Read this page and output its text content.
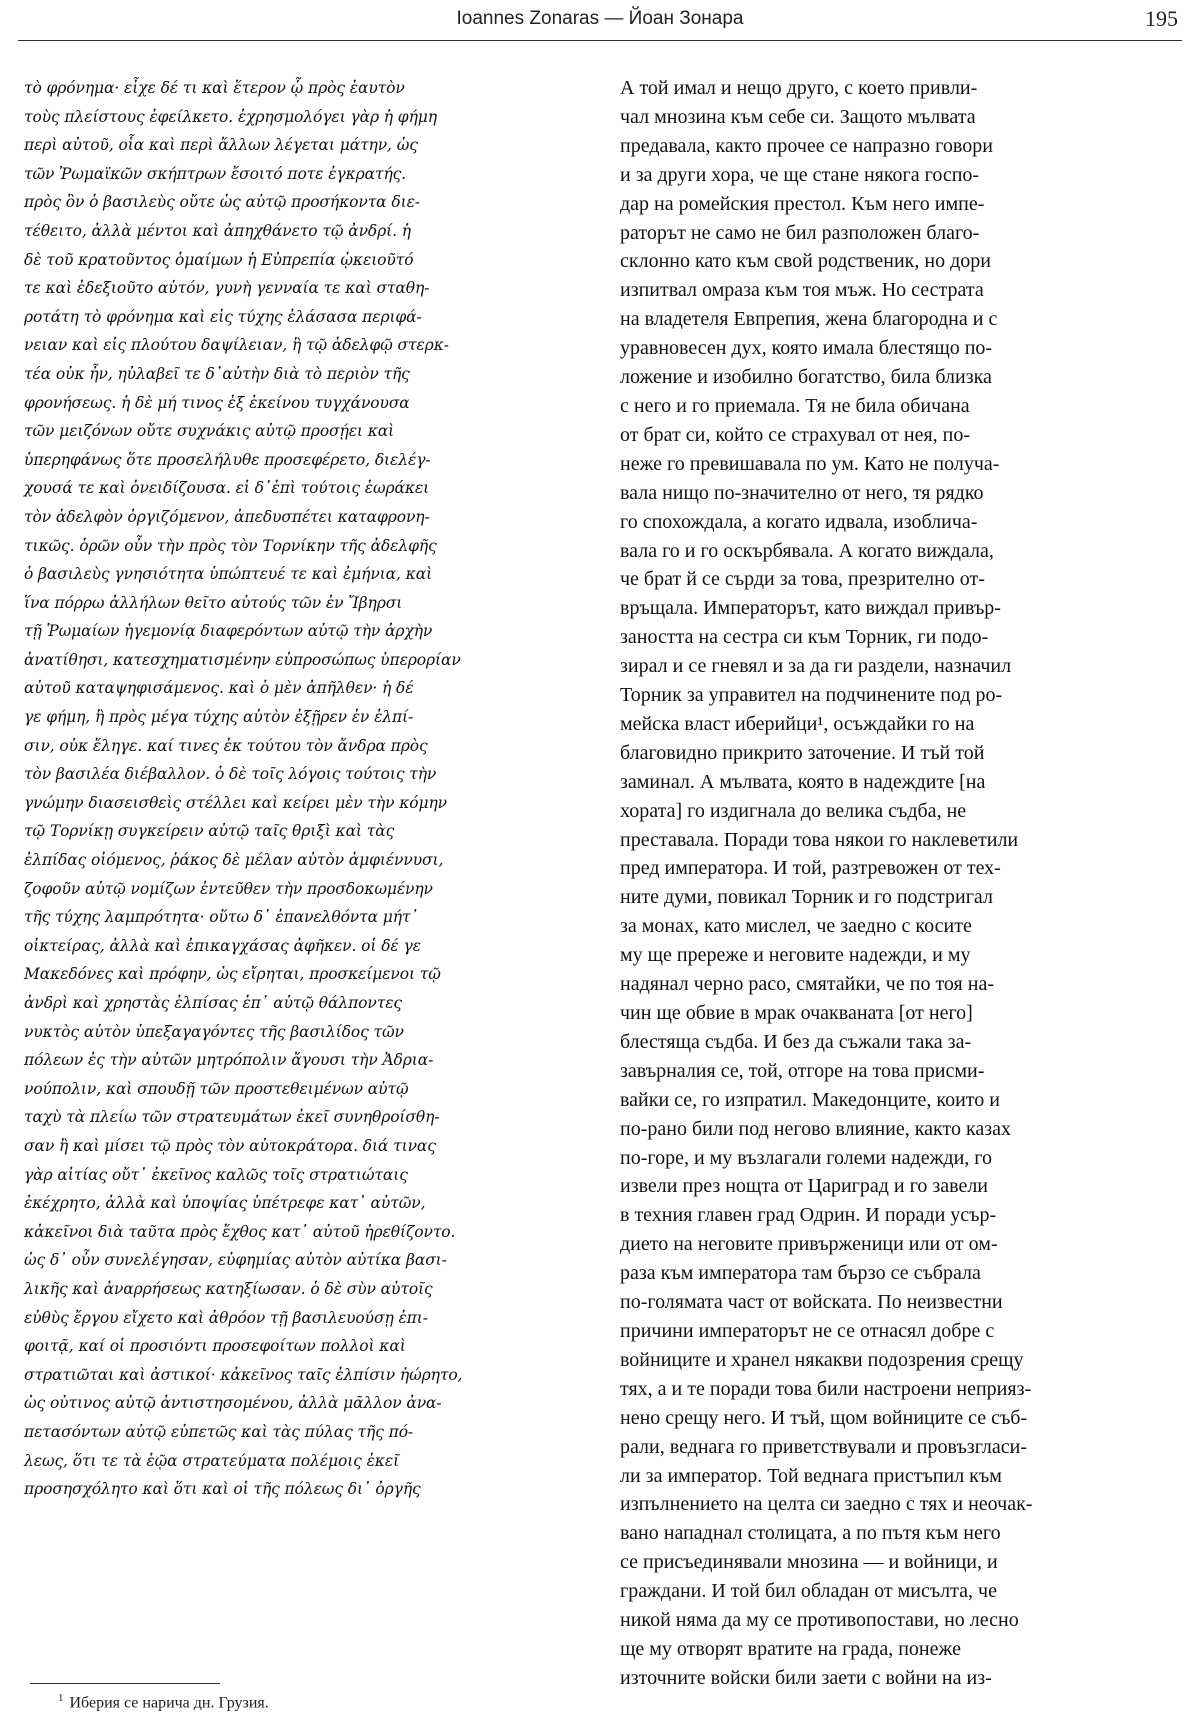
Ioannes Zonaras — Йоан Зонара	195
τὸ φρόνημα· εἶχε δέ τι καὶ ἕτερον ᾧ πρὸς ἑαυτὸν
τοὺς πλείστους ἐφείλκετο. ἐχρησμολόγει γὰρ ἡ φήμη
περὶ αὐτοῦ, οἷα καὶ περὶ ἄλλων λέγεται μάτην, ὡς
τῶν Ῥωμαϊκῶν σκήπτρων ἔσοιτό ποτε ἐγκρατής.
πρὸς ὃν ὁ βασιλεὺς οὔτε ὡς αὐτῷ προσήκοντα διε-
τέθειτο, ἀλλὰ μέντοι καὶ ἀπηχθάνετο τῷ ἀνδρί. ἡ
δὲ τοῦ κρατοῦντος ὁμαίμων ἡ Εὐπρεπία ᾠκειοῦτό
τε καὶ ἐδεξιοῦτο αὐτόν, γυνὴ γενναία τε καὶ σταθη-
ροτάτη τὸ φρόνημα καὶ εἰς τύχης ἐλάσασα περιφά-
νειαν καὶ εἰς πλούτου δαψίλειαν, ἣ τῷ ἀδελφῷ στερκ-
τέα οὐκ ἦν, ηὐλαβεῖ τε δ᾽αὐτὴν διὰ τὸ περιὸν τῆς
φρονήσεως. ἡ δὲ μή τινος ἐξ ἐκείνου τυγχάνουσα
τῶν μειζόνων οὔτε συχνάκις αὐτῷ προσῄει καὶ
ὑπερηφάνως ὅτε προσελήλυθε προσεφέρετο, διελέγ-
χουσά τε καὶ ὀνειδίζουσα. εἰ δ᾽ἐπὶ τούτοις ἑωράκει
τὸν ἀδελφὸν ὀργιζόμενον, ἀπεδυσπέτει καταφρονη-
τικῶς. ὁρῶν οὖν τὴν πρὸς τὸν Τορνίκην τῆς ἀδελφῆς
ὁ βασιλεὺς γνησιότητα ὑπώπτευέ τε καὶ ἐμήνια, καὶ
ἵνα πόρρω ἀλλήλων θεῖτο αὐτούς τῶν ἐν Ἴβηρσι
τῇ Ῥωμαίων ἡγεμονίᾳ διαφερόντων αὐτῷ τὴν ἀρχὴν
ἀνατίθησι, κατεσχηματισμένην εὐπροσώπως ὑπερορίαν
αὐτοῦ καταψηφισάμενος. καὶ ὁ μὲν ἀπῆλθεν· ἡ δέ
γε φήμη, ἣ πρὸς μέγα τύχης αὐτὸν ἐξῇρεν ἐν ἐλπί-
σιν, οὐκ ἔληγε. καί τινες ἐκ τούτου τὸν ἄνδρα πρὸς
τὸν βασιλέα διέβαλλον. ὁ δὲ τοῖς λόγοις τούτοις τὴν
γνώμην διασεισθεὶς στέλλει καὶ κείρει μὲν τὴν κόμην
τῷ Τορνίκῃ συγκείρειν αὐτῷ ταῖς θριξὶ καὶ τὰς
ἐλπίδας οἰόμενος, ῥάκος δὲ μέλαν αὐτὸν ἀμφιέννυσι,
ζοφοῦν αὐτῷ νομίζων ἐντεῦθεν τὴν προσδοκωμένην
τῆς τύχης λαμπρότητα· οὕτω δ᾽ ἐπανελθόντα μήτ᾽
οἰκτείρας, ἀλλὰ καὶ ἐπικαγχάσας ἀφῆκεν. οἱ δέ γε
Μακεδόνες καὶ πρόφην, ὡς εἴρηται, προσκείμενοι τῷ
ἀνδρὶ καὶ χρηστὰς ἐλπίσας ἐπ᾽ αὐτῷ θάλποντες
νυκτὸς αὐτὸν ὑπεξαγαγόντες τῆς βασιλίδος τῶν
πόλεων ἐς τὴν αὐτῶν μητρόπολιν ἄγουσι τὴν Ἀδρια-
νούπολιν, καὶ σπουδῇ τῶν προστεθειμένων αὐτῷ
ταχὺ τὰ πλείω τῶν στρατευμάτων ἐκεῖ συνηθροίσθη-
σαν ἢ καὶ μίσει τῷ πρὸς τὸν αὐτοκράτορα. διά τινας
γὰρ αἰτίας οὔτ᾽ ἐκεῖνος καλῶς τοῖς στρατιώταις
ἐκέχρητο, ἀλλὰ καὶ ὑποψίας ὑπέτρεφε κατ᾽ αὐτῶν,
κἀκεῖνοι διὰ ταῦτα πρὸς ἔχθος κατ᾽ αὐτοῦ ἠρεθίζοντο.
ὡς δ᾽ οὖν συνελέγησαν, εὐφημίας αὐτὸν αὐτίκα βασι-
λικῆς καὶ ἀναρρήσεως κατηξίωσαν. ὁ δὲ σὺν αὐτοῖς
εὐθὺς ἔργου εἴχετο καὶ ἀθρόον τῇ βασιλευούσῃ ἐπι-
φοιτᾷ, καί οἱ προσιόντι προσεφοίτων πολλοὶ καὶ
στρατιῶται καὶ ἀστικοί· κἀκεῖνος ταῖς ἐλπίσιν ἠώρητο,
ὡς οὐτινος αὐτῷ ἀντιστησομένου, ἀλλὰ μᾶλλον ἀνα-
πετασόντων αὐτῷ εὐπετῶς καὶ τὰς πύλας τῆς πό-
λεως, ὅτι τε τὰ ἑῷα στρατεύματα πολέμοις ἐκεῖ
προσησχόλητο καὶ ὅτι καὶ οἱ τῆς πόλεως δι᾽ ὀργῆς
А той имал и нещо друго, с което привли-
чал мнозина към себе си. Защото мълвата
предавала, както прочее се напразно говори
и за други хора, че ще стане някога госпо-
дар на ромейския престол. Към него импе-
раторът не само не бил разположен благо-
склонно като към свой родственик, но дори
изпитвал омраза към тоя мъж. Но сестрата
на владетеля Евпрепия, жена благородна и с
уравновесен дух, която имала блестящо по-
ложение и изобилно богатство, била близка
с него и го приемала. Тя не била обичана
от брат си, който се страхувал от нея, по-
неже го превишавала по ум. Като не получа-
вала нищо по-значително от него, тя рядко
го спохождала, а когато идвала, изобличa-
вала го и го оскърбявала. А когато виждала,
че брат й се сърди за това, презрително от-
връщала. Императорът, като виждал привър-
заността на сестра си към Торник, ги подо-
зирал и се гневял и за да ги раздели, назначил
Торник за управител на подчинените под ро-
мейска власт иберийци¹, осъждайки го на
благовидно прикрито заточение. И тъй той
заминал. А мълвата, която в надеждите [на
хората] го издигнала до велика съдба, не
преставала. Поради това някои го наклеветили
пред императора. И той, разтревожен от тех-
ните думи, повикал Торник и го подстригал
за монах, като мислел, че заедно с косите
му ще прережe и неговите надежди, и му
надянал черно расо, смятайки, че по тоя на-
чин ще обвие в мрак очакваната [от него]
блестяща съдба. И без да съжали така за-
завърналия се, той, отгоре на това присми-
вайки се, го изпратил. Македонците, които и
по-рано били под негово влияние, както казах
по-горе, и му възлагали големи надежди, го
извели през нощта от Цариград и го завели
в техния главен град Одрин. И поради усър-
дието на неговите привърженици или от ом-
раза към императора там бързо се събрала
по-голямата част от войската. По неизвестни
причини императорът не се отнасял добре с
войниците и хранел някакви подозрения срещу
тях, а и те поради това били настроени неприяз-
нено срещу него. И тъй, щом войниците се съб-
рали, веднага го приветствували и провъзгласи-
ли за император. Той веднага пристъпил към
изпълнението на целта си заедно с тях и неочак-
вано нападнал столицата, а по пътя към него
се присъединявали мнозина — и войници, и
граждани. И той бил обладан от мисълта, че
никой няма да му се противопостави, но лесно
ще му отворят вратите на града, понеже
източните войски били заети с войни на из-
$^1$ Иберия се нарича дн. Грузия.
